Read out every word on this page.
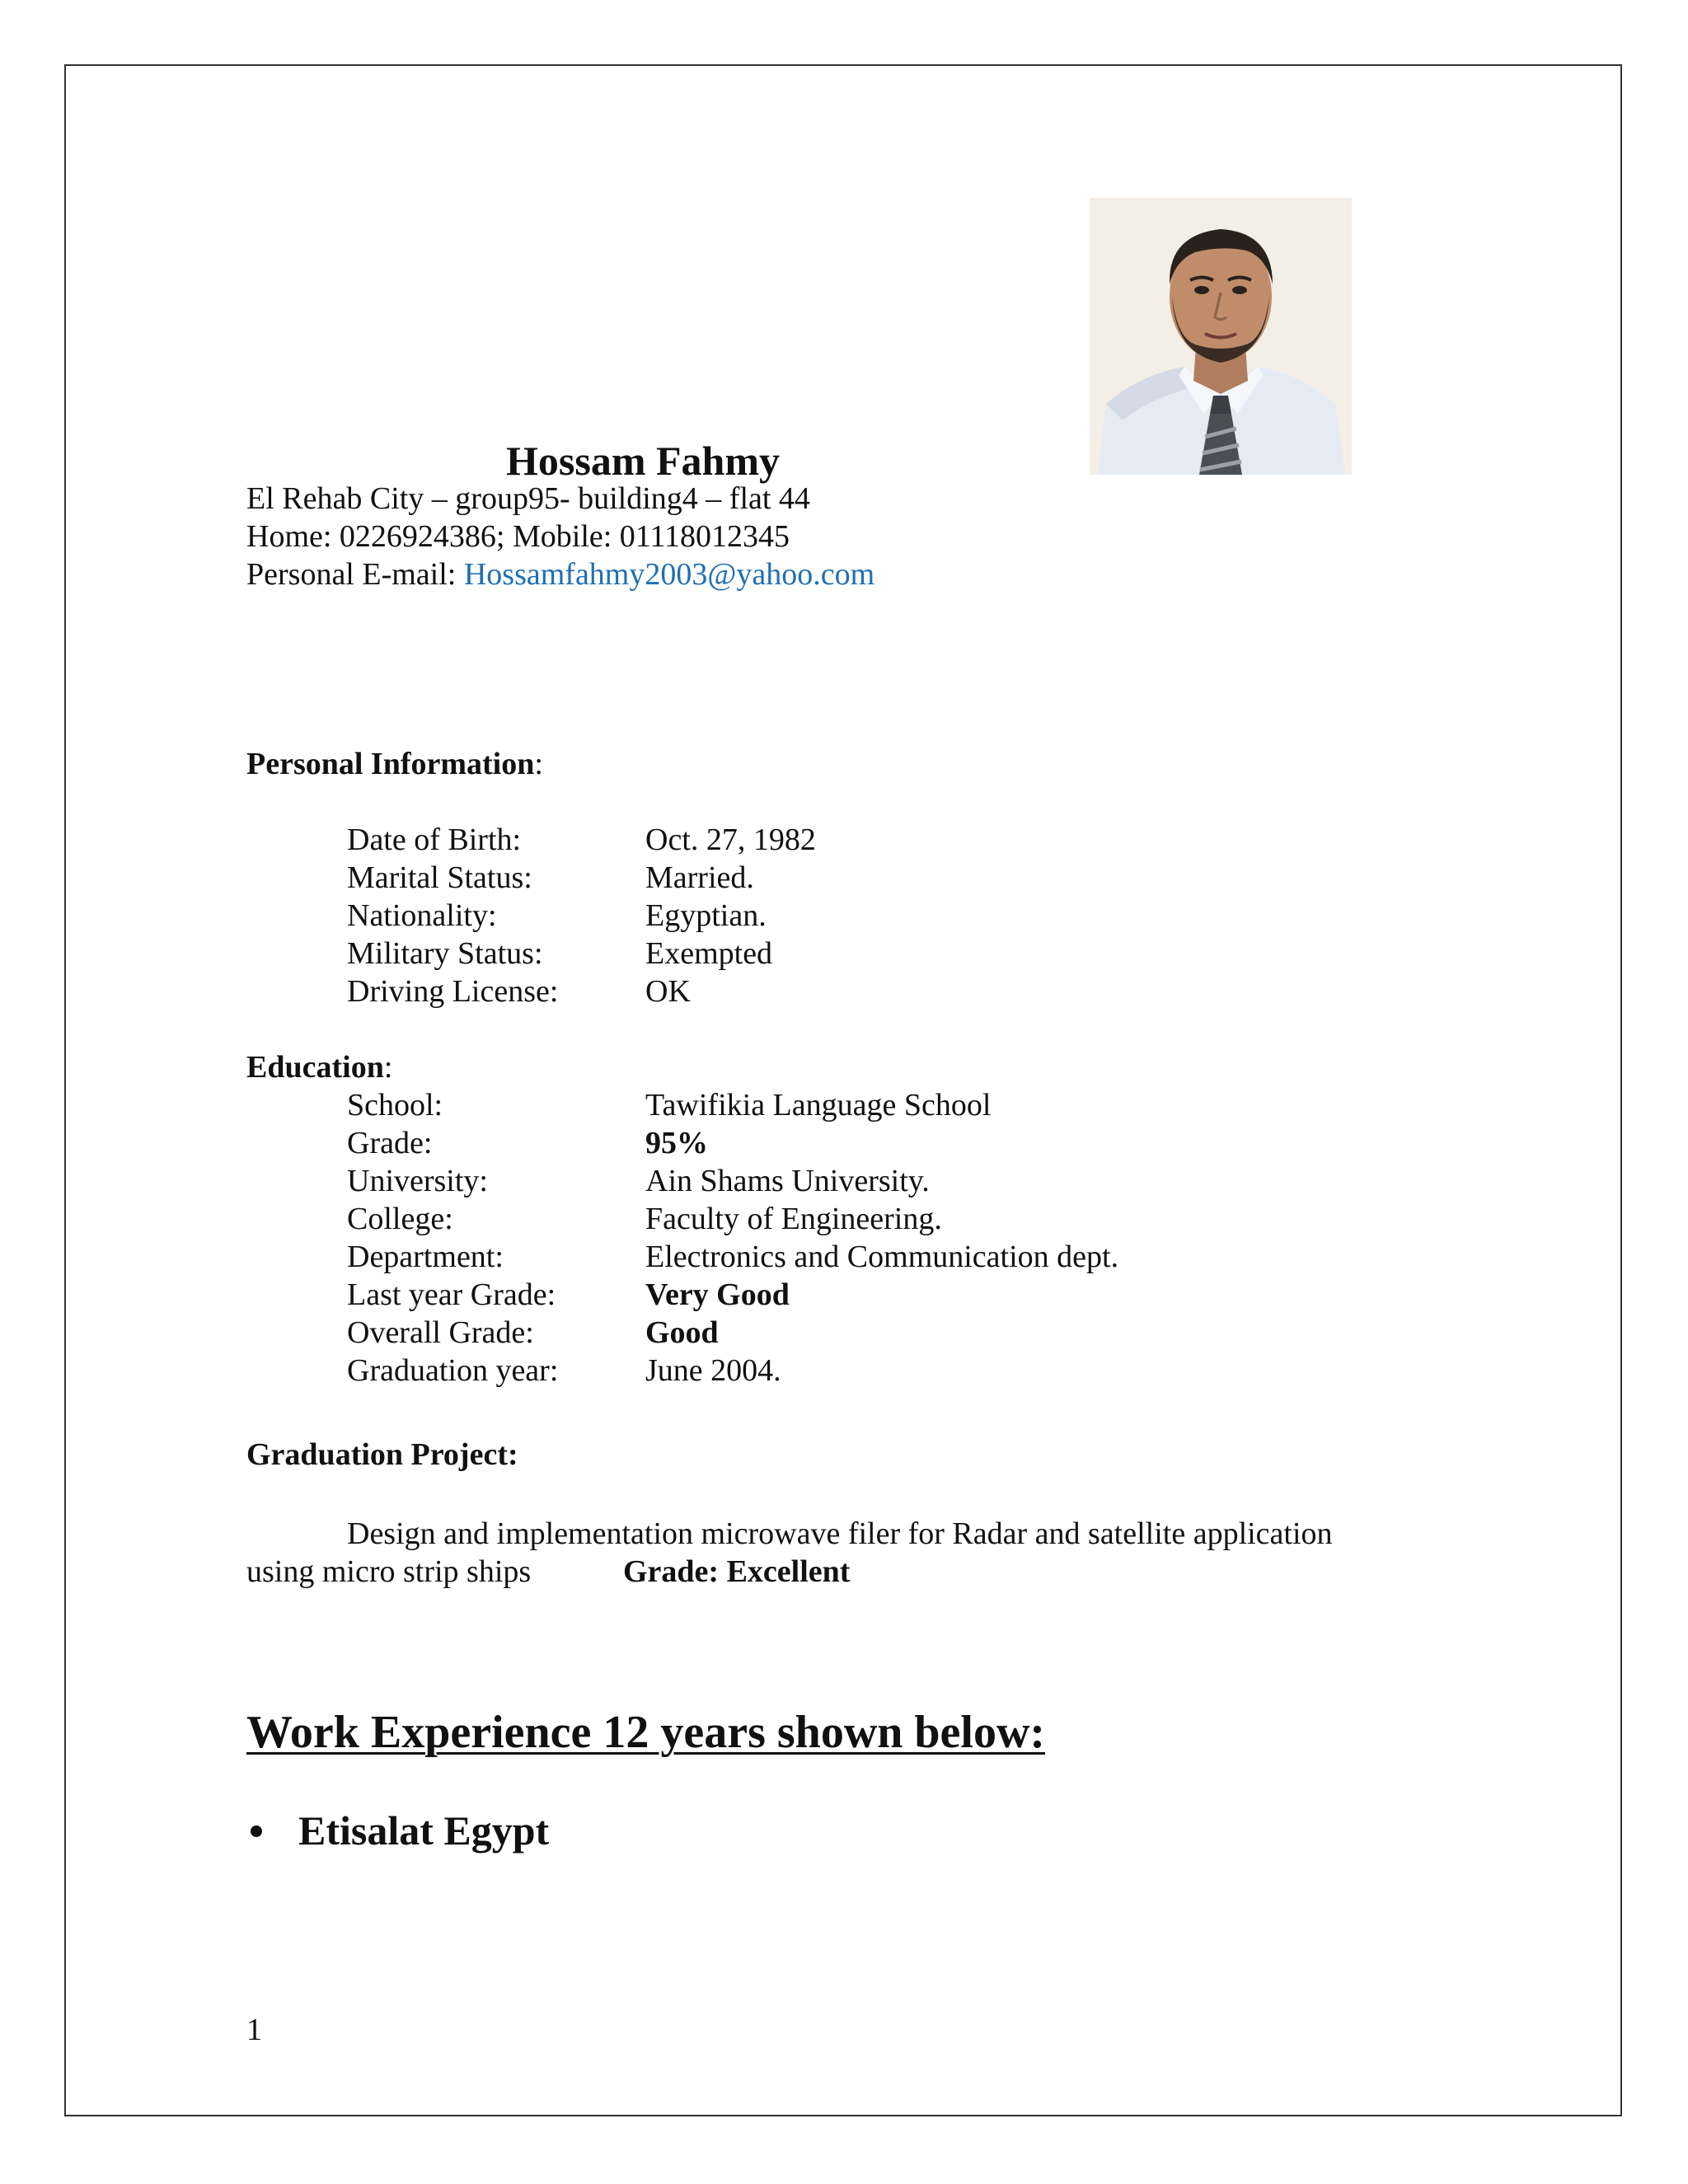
Hossam Fahmy
El Rehab City – group95- building4 – flat 44
Home: 0226924386; Mobile: 01118012345
Personal E-mail: Hossamfahmy2003@yahoo.com
Personal Information:
Date of Birth:	Oct. 27, 1982
Marital Status:	Married.
Nationality:	Egyptian.
Military Status:	Exempted
Driving License:	OK
Education:
School:	Tawifikia Language School
Grade:	95%
University:	Ain Shams University.
College:	Faculty of Engineering.
Department:	Electronics and Communication dept.
Last year Grade:	Very Good
Overall Grade:	Good
Graduation year:	June 2004.
Graduation Project:
Design and implementation microwave filer for Radar and satellite application
using micro strip ships	Grade: Excellent
Work Experience 12 years shown below:
Etisalat Egypt
1
